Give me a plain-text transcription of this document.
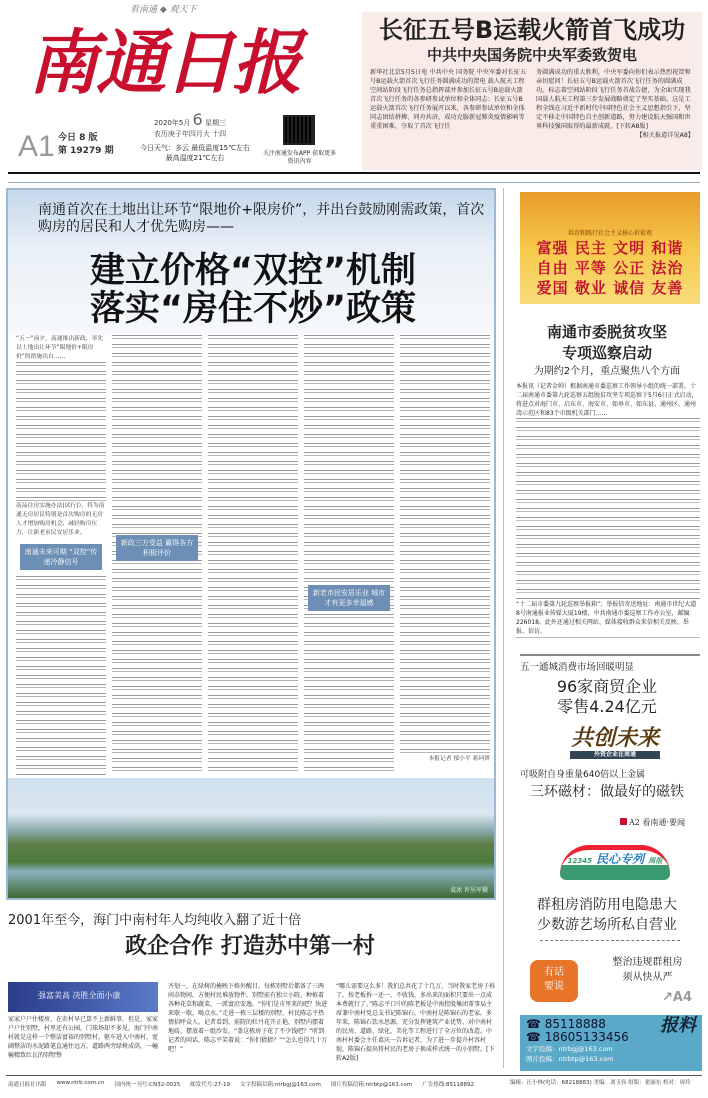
看南通 ◆ 观天下
南通日报
A1 今日 8 版
第 19279 期
2020年5月 6 星期三
农历庚子年四月大 十四
今日天气：多云 最低温度15℃左右 最高温度21℃左右
关注南通发布APP 获取更多资讯内容
长征五号B运载火箭首飞成功
中共中央国务院中央军委致贺电
新华社北京5月5日电 中共中央 国务院 中央军委对长征五号B运载火箭首次飞行任务圆满成功的贺电 载人航天工程空间站阶段飞行任务总指挥部并参加长征五号B运载火箭首次飞行任务的各参研参试单位和全体同志：长征五号B运载火箭首次飞行任务展开以来，各参研参试单位和全体同志团结拼搏、同舟共济，成功克服新冠肺炎疫情影响等重重困难，夺取了首次飞行任
务圆满成功的重大胜利，中央军委向你们表示热烈祝贺和亲切慰问！长征五号B运载火箭首次飞行任务的圆满成功，标志着空间站阶段飞行任务首战告捷，为全面实现我国载人航天工程第三步发展战略奠定了坚实基础。这是工程全线在习近平新时代中国特色社会主义思想指引下，坚定不移走中国特色自主创新道路，努力建设航天强国和世界科技强国取得的最新成就。[下转A8版]
【相关报道详见A8】
南通首次在土地出让环节“限地价+限房价”，并出台鼓励刚需政策，首次购房的居民和人才优先购房——
建立价格“双控”机制
落实“房住不炒”政策
“五一”前夕，南通推出新政，率先以土地出让环节“限地价+限房价”的措施出台……
南品住房实施办法(试行)》，将为南通无房居民特别是首次购房的无房人才增加购房机会、减轻购房压力，让新老市民安居乐业。
南通未来可期 “双控”传递冷静信号
新政三方受益 赢得各方积极评价
新老市民安居乐业 城市才有更多幸福感
本报记者 郁小平 蒋珂妍
袁冰 许丛军摄
培育和践行社会主义核心价值观
富强 民主 文明 和谐
自由 平等 公正 法治
爱国 敬业 诚信 友善
南通市委脱贫攻坚
专项巡察启动
为期约2个月，重点聚焦八个方面
本报讯（记者金帅）根据南通市委巡察工作领导小组的统一部署，十二届南通市委第九轮巡察五组脱贫攻坚专项巡察于5月6日正式启动，将进点对海门市、启东市、海安市、如皋市、如东县、通州区、通州湾示范区和83个市级机关部门……
“十二届市委第九轮巡察举报箱”；举报信寄送地址：南通市世纪大道8号南通报业传媒大厦19楼，中共南通市委巡察工作办公室，邮编：226018。此外还通过相关网站、媒体接收群众来信相关反映、举报、信访。
五一通城消费市场回暖明显
96家商贸企业
零售4.24亿元
共创未来
外资企业在南通
可吸附自身重量640倍以上金属
三环磁材：做最好的磁铁
A2 看南通·要闻
12345 民心专列 周报
群租房消防用电隐患大
少数游艺场所私自营业
有话
要说
整治违规群租房
须从快从严
↗A4
☎ 85118888
☎ 18605133456
文字投稿：ntrbgj@163.com
图片投稿：ntrbtp@163.com
报料
编辑：汪小林(电话：68218883) 美编：刘玉容 组版：翟丽东 校对：周玲
2001年至今，海门中南村年人均纯收入翻了近十倍
政企合作 打造苏中第一村
强富美高 决胜全面小康
家家户户住楼房，在农村早已算不上新鲜事。但是，家家户户住别墅，村里还有公园，门球场却不多见，海门中南村就是这样一个整洁富裕的别墅村。驱车进入中南村，宽阔整洁的水泥路笔直通往远方，道路两旁绿树成荫，一幢幢精致红瓦的别墅整
齐划一，在绿树的掩映下格外醒目。每栋别墅后都备了三两间杂物间，方便村民堆放物件。别墅前有独立小院，种植着各种花草和蔬菜，一派富庶安逸。“你们是市里来的吧？快进来歇一歇，喝点水。”走进一栋三层楼的别墅，村民陈志平热情招呼众人。记者看到，前院的牡丹花开正艳，别墅内摆着地砖，摆放着一组沙发。“盖这栋房子花了不少钱吧？”听到记者的问话，陈志平笑着说：“你们猜猜？”“怎么也得几十万吧！”
“哪儿需要这么多！我们总共花了十几万，当时我家老房子拆了，按老板拆一还一，不收钱，多出来的面积只要出一点成本费就行了。”陈志平口中的陈老板是中南控股集团董事局主席兼中南村党总支书记陈锦石。中南村是陈锦石的老家。多年来，陈锦石饮水思源，充分发挥建筑产业优势，对中南村的民房、道路、绿化、美化等工程进行了全方位的改造。中南村村委会主任葛庆一告诉记者，为了进一步提升村容村貌，陈锦石提出将村民的老房子换成样式统一的小别墅。[下转A2版]
南通日报社出版 www.ntrb.com.cn 国内统一刊号:CN32-0025 邮发代号:27-19 文字投稿信箱:ntrbgj@163.com 图片投稿信箱:ntrbtp@163.com 广告热线:85118892
